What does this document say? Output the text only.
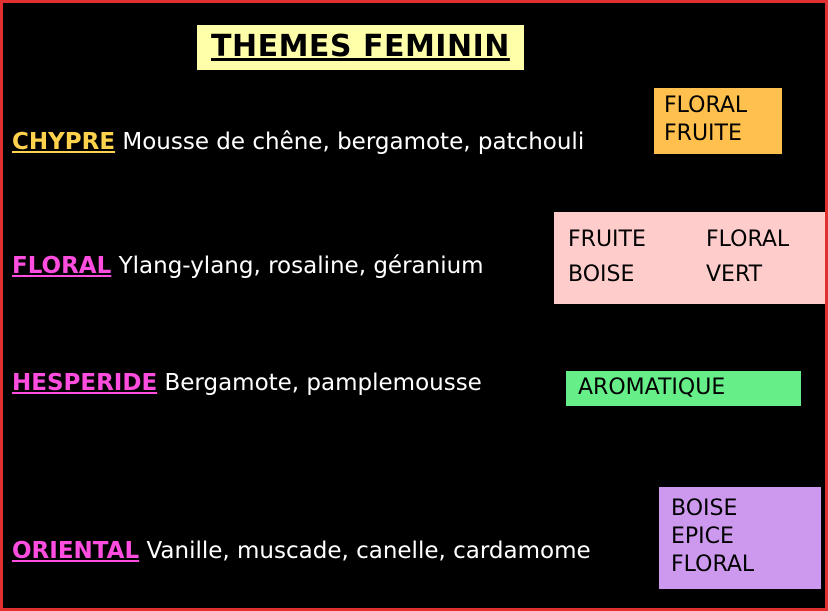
THEMES FEMININ
CHYPRE Mousse de chêne, bergamote, patchouli
FLORAL
FRUITE
FLORAL Ylang-ylang, rosaline, géranium
FRUITE	FLORAL
BOISE	VERT
HESPERIDE Bergamote, pamplemousse	AROMATIQUE
ORIENTAL Vanille, muscade, canelle, cardamome
BOISE
EPICE
FLORAL
